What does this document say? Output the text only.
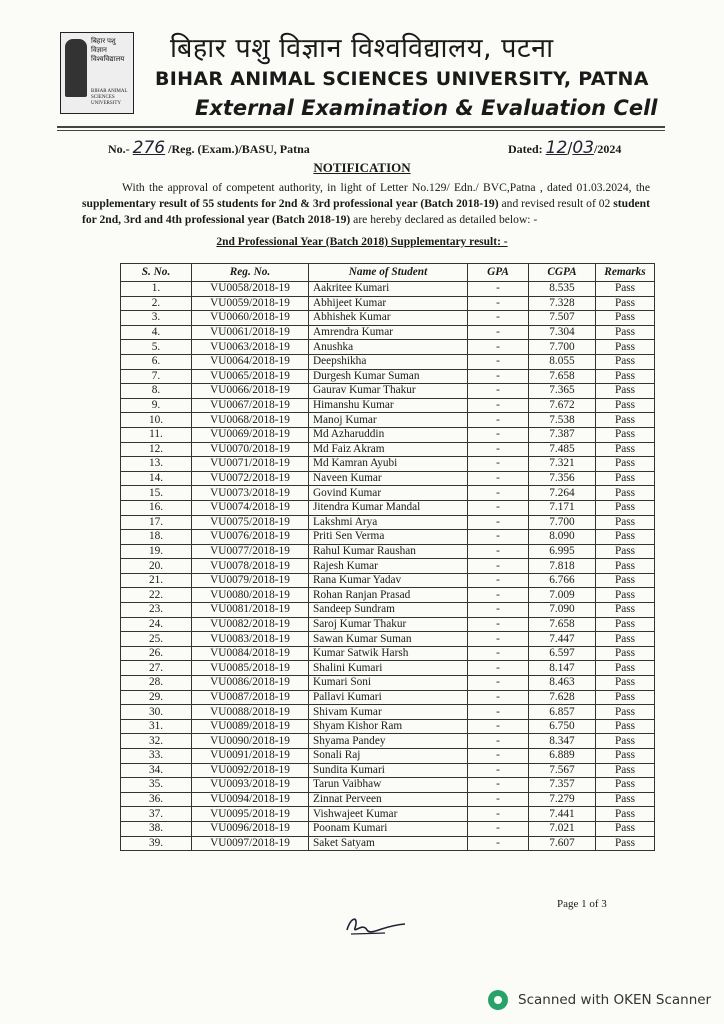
बिहार पशु विज्ञान विश्वविद्यालय
BIHAR ANIMAL SCIENCES UNIVERSITY
बिहार पशु विज्ञान विश्वविद्यालय, पटना
BIHAR ANIMAL SCIENCES UNIVERSITY, PATNA
External Examination & Evaluation Cell
No.- 276 /Reg. (Exam.)/BASU, Patna	Dated: 12/03/2024
NOTIFICATION

With the approval of competent authority, in light of Letter No.129/ Edn./ BVC,Patna , dated 01.03.2024, the supplementary result of 55 students for 2nd & 3rd professional year (Batch 2018-19) and revised result of 02 student for 2nd, 3rd and 4th professional year (Batch 2018-19) are hereby declared as detailed below: -

2nd Professional Year (Batch 2018) Supplementary result: -
S. No.	Reg. No.	Name of Student	GPA	CGPA	Remarks
1.	VU0058/2018-19	Aakritee Kumari	-	8.535	Pass
2.	VU0059/2018-19	Abhijeet Kumar	-	7.328	Pass
3.	VU0060/2018-19	Abhishek Kumar	-	7.507	Pass
4.	VU0061/2018-19	Amrendra Kumar	-	7.304	Pass
5.	VU0063/2018-19	Anushka	-	7.700	Pass
6.	VU0064/2018-19	Deepshikha	-	8.055	Pass
7.	VU0065/2018-19	Durgesh Kumar Suman	-	7.658	Pass
8.	VU0066/2018-19	Gaurav Kumar Thakur	-	7.365	Pass
9.	VU0067/2018-19	Himanshu Kumar	-	7.672	Pass
10.	VU0068/2018-19	Manoj Kumar	-	7.538	Pass
11.	VU0069/2018-19	Md Azharuddin	-	7.387	Pass
12.	VU0070/2018-19	Md Faiz Akram	-	7.485	Pass
13.	VU0071/2018-19	Md Kamran Ayubi	-	7.321	Pass
14.	VU0072/2018-19	Naveen Kumar	-	7.356	Pass
15.	VU0073/2018-19	Govind Kumar	-	7.264	Pass
16.	VU0074/2018-19	Jitendra Kumar Mandal	-	7.171	Pass
17.	VU0075/2018-19	Lakshmi Arya	-	7.700	Pass
18.	VU0076/2018-19	Priti Sen Verma	-	8.090	Pass
19.	VU0077/2018-19	Rahul Kumar Raushan	-	6.995	Pass
20.	VU0078/2018-19	Rajesh Kumar	-	7.818	Pass
21.	VU0079/2018-19	Rana Kumar Yadav	-	6.766	Pass
22.	VU0080/2018-19	Rohan Ranjan Prasad	-	7.009	Pass
23.	VU0081/2018-19	Sandeep Sundram	-	7.090	Pass
24.	VU0082/2018-19	Saroj Kumar Thakur	-	7.658	Pass
25.	VU0083/2018-19	Sawan Kumar Suman	-	7.447	Pass
26.	VU0084/2018-19	Kumar Satwik Harsh	-	6.597	Pass
27.	VU0085/2018-19	Shalini Kumari	-	8.147	Pass
28.	VU0086/2018-19	Kumari Soni	-	8.463	Pass
29.	VU0087/2018-19	Pallavi Kumari	-	7.628	Pass
30.	VU0088/2018-19	Shivam Kumar	-	6.857	Pass
31.	VU0089/2018-19	Shyam Kishor Ram	-	6.750	Pass
32.	VU0090/2018-19	Shyama Pandey	-	8.347	Pass
33.	VU0091/2018-19	Sonali Raj	-	6.889	Pass
34.	VU0092/2018-19	Sundita Kumari	-	7.567	Pass
35.	VU0093/2018-19	Tarun Vaibhaw	-	7.357	Pass
36.	VU0094/2018-19	Zinnat Perveen	-	7.279	Pass
37.	VU0095/2018-19	Vishwajeet Kumar	-	7.441	Pass
38.	VU0096/2018-19	Poonam Kumari	-	7.021	Pass
39.	VU0097/2018-19	Saket Satyam	-	7.607	Pass
Page 1 of 3
Scanned with OKEN Scanner
